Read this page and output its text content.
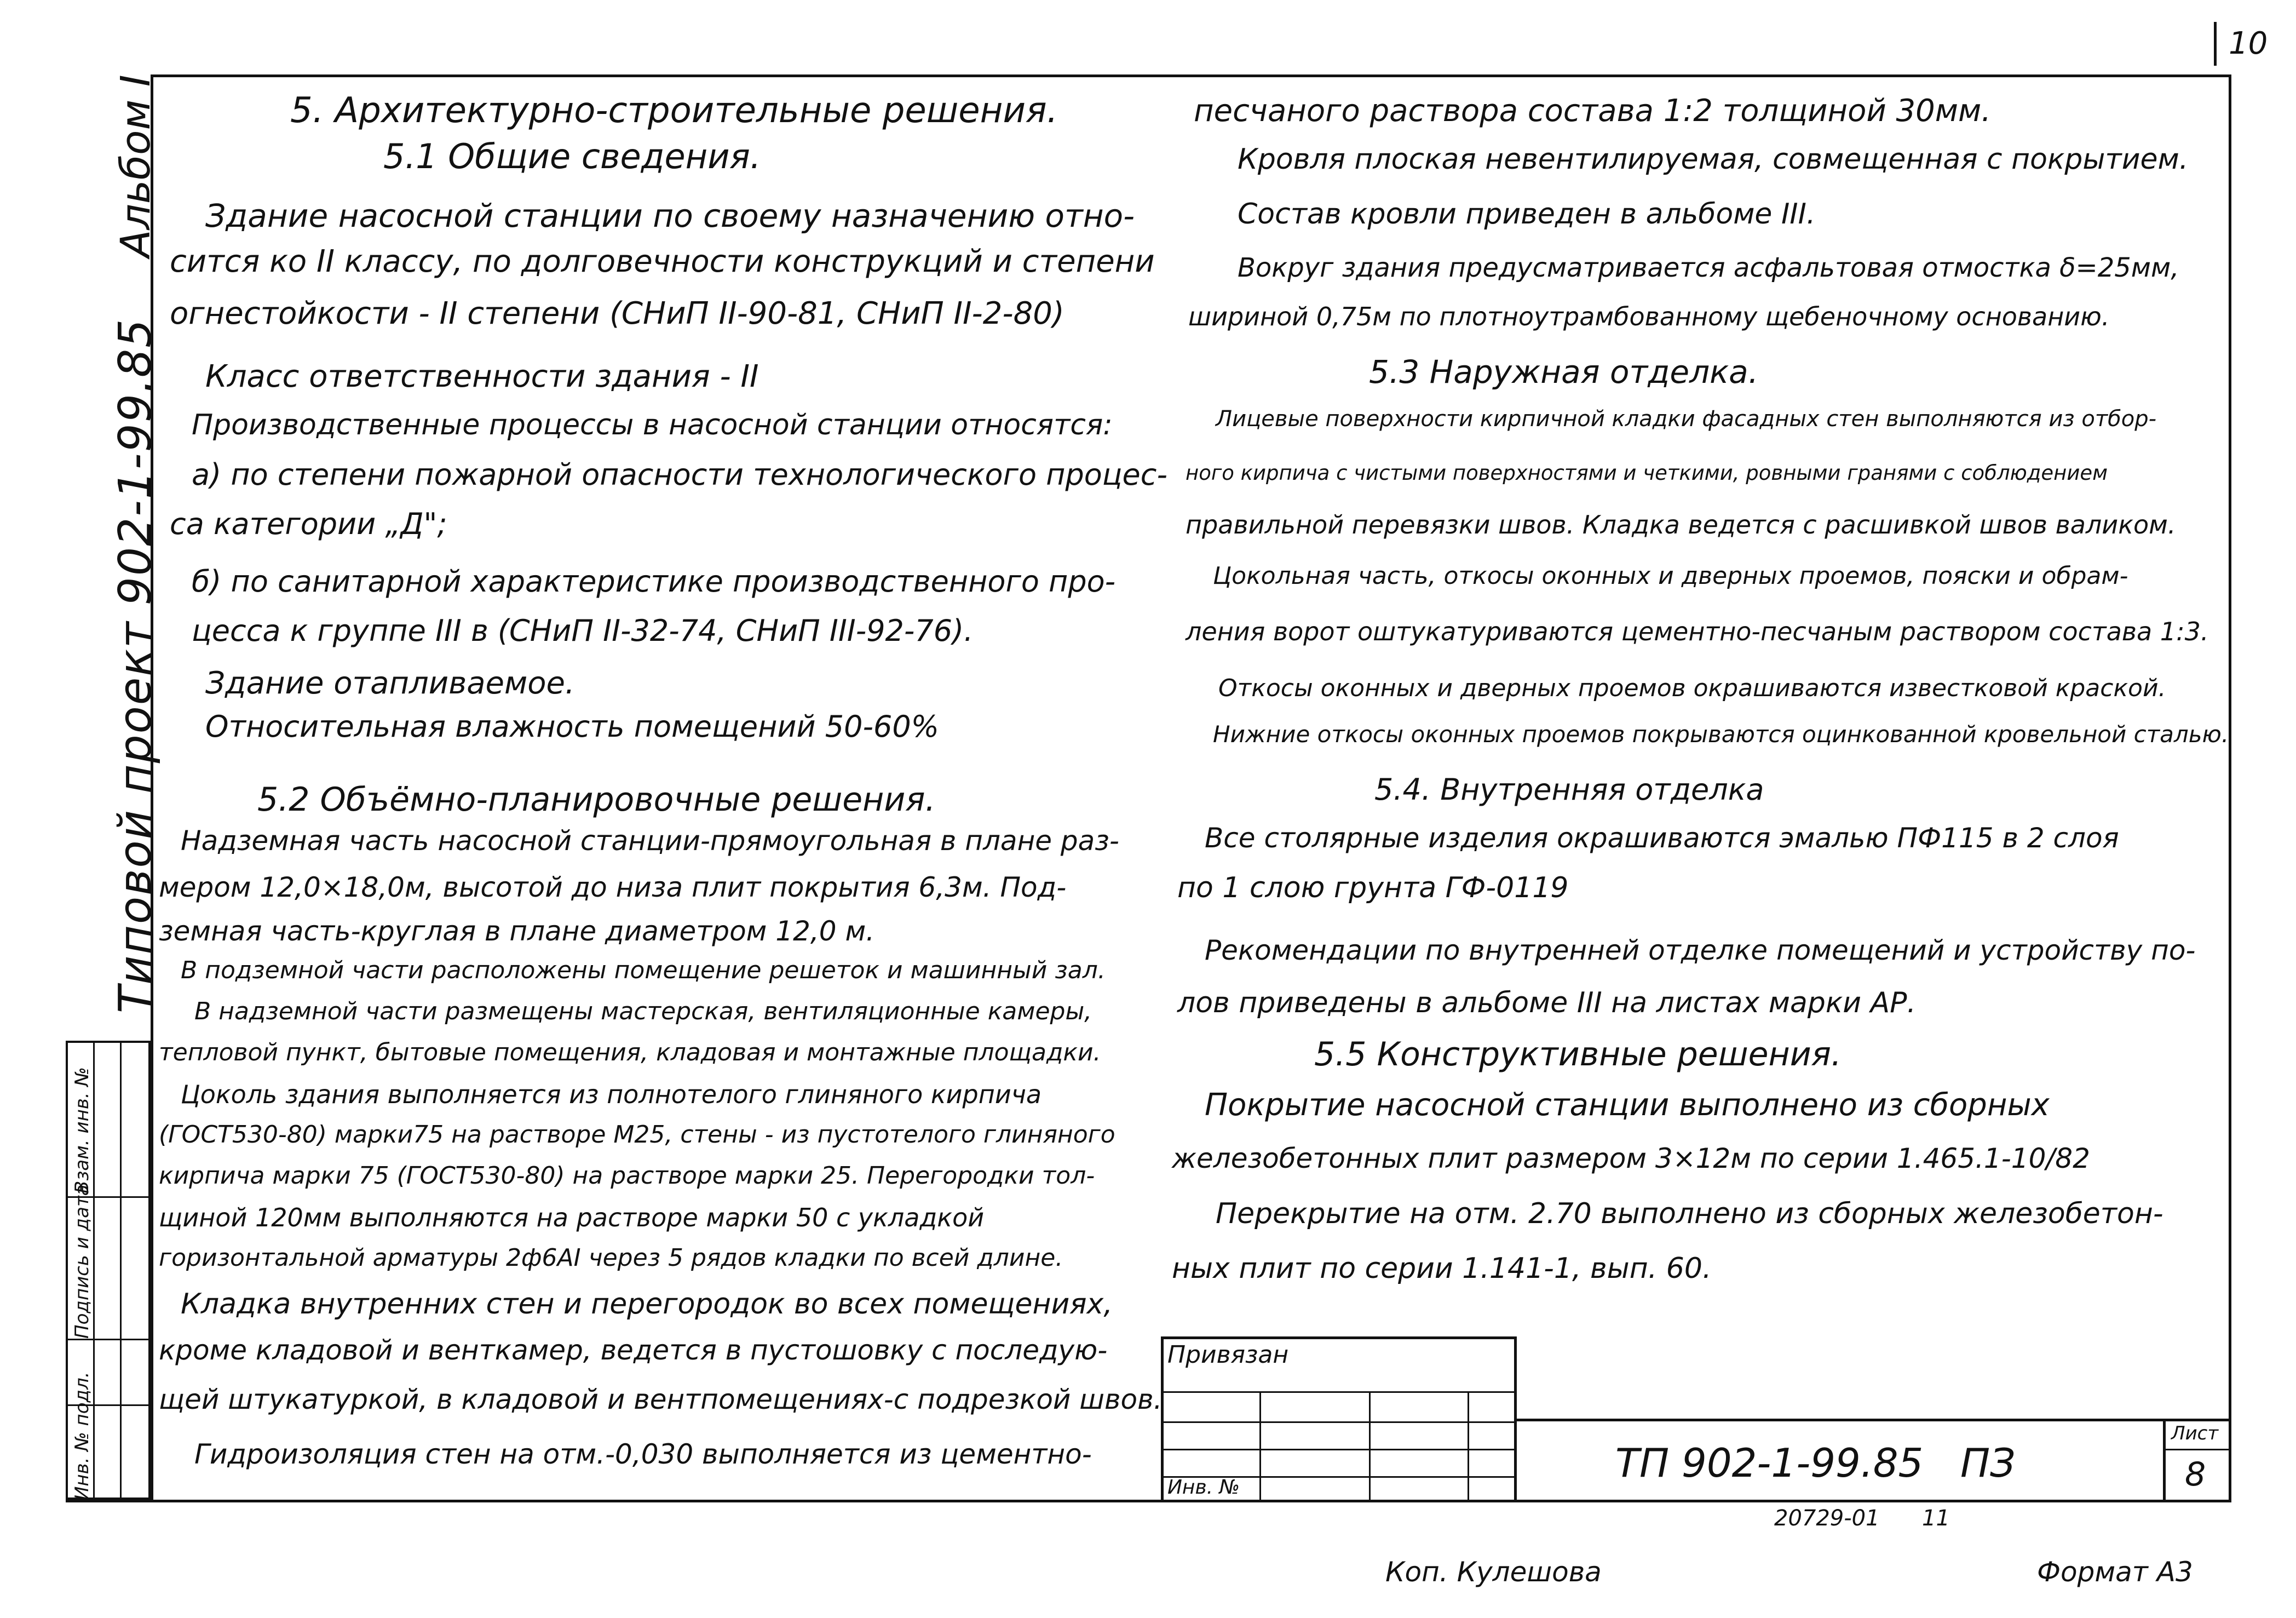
10
Альбом I
Типовой проект 902-1-99.85
Инв. № подл.
Подпись и дата
Взам. инв. №
5. Архитектурно-строительные решения.
5.1 Общие сведения.
Здание насосной станции по своему назначению отно-
сится ко II классу, по долговечности конструкций и степени
огнестойкости - II степени (СНиП II-90-81, СНиП II-2-80)
Класс ответственности здания - II
Производственные процессы в насосной станции относятся:
а) по степени пожарной опасности технологического процес-
са категории „Д";
б) по санитарной характеристике производственного про-
цесса к группе III в (СНиП II-32-74, СНиП III-92-76).
Здание отапливаемое.
Относительная влажность помещений 50-60%
5.2 Объёмно-планировочные решения.
Надземная часть насосной станции-прямоугольная в плане раз-
мером 12,0×18,0м, высотой до низа плит покрытия 6,3м. Под-
земная часть-круглая в плане диаметром 12,0 м.
В подземной части расположены помещение решеток и машинный зал.
В надземной части размещены мастерская, вентиляционные камеры,
тепловой пункт, бытовые помещения, кладовая и монтажные площадки.
Цоколь здания выполняется из полнотелого глиняного кирпича
(ГОСТ530-80) марки75 на растворе М25, стены - из пустотелого глиняного
кирпича марки 75 (ГОСТ530-80) на растворе марки 25. Перегородки тол-
щиной 120мм выполняются на растворе марки 50 с укладкой
горизонтальной арматуры 2ф6АI через 5 рядов кладки по всей длине.
Кладка внутренних стен и перегородок во всех помещениях,
кроме кладовой и венткамер, ведется в пустошовку с последую-
щей штукатуркой, в кладовой и вентпомещениях-с подрезкой швов.
Гидроизоляция стен на отм.-0,030 выполняется из цементно-
песчаного раствора состава 1:2 толщиной 30мм.
Кровля плоская невентилируемая, совмещенная с покрытием.
Состав кровли приведен в альбоме III.
Вокруг здания предусматривается асфальтовая отмостка δ=25мм,
шириной 0,75м по плотноутрамбованному щебеночному основанию.
5.3 Наружная отделка.
Лицевые поверхности кирпичной кладки фасадных стен выполняются из отбор-
ного кирпича с чистыми поверхностями и четкими, ровными гранями с соблюдением
правильной перевязки швов. Кладка ведется с расшивкой швов валиком.
Цокольная часть, откосы оконных и дверных проемов, пояски и обрам-
ления ворот оштукатуриваются цементно-песчаным раствором состава 1:3.
Откосы оконных и дверных проемов окрашиваются известковой краской.
Нижние откосы оконных проемов покрываются оцинкованной кровельной сталью.
5.4. Внутренняя отделка
Все столярные изделия окрашиваются эмалью ПФ115 в 2 слоя
по 1 слою грунта ГФ-0119
Рекомендации по внутренней отделке помещений и устройству по-
лов приведены в альбоме III на листах марки АР.
5.5 Конструктивные решения.
Покрытие насосной станции выполнено из сборных
железобетонных плит размером 3×12м по серии 1.465.1-10/82
Перекрытие на отм. 2.70 выполнено из сборных железобетон-
ных плит по серии 1.141-1, вып. 60.
Привязан
Инв. №
ТП 902-1-99.85 ПЗ
Лист
8
20729-01 11
Коп. Кулешова	Формат А3
